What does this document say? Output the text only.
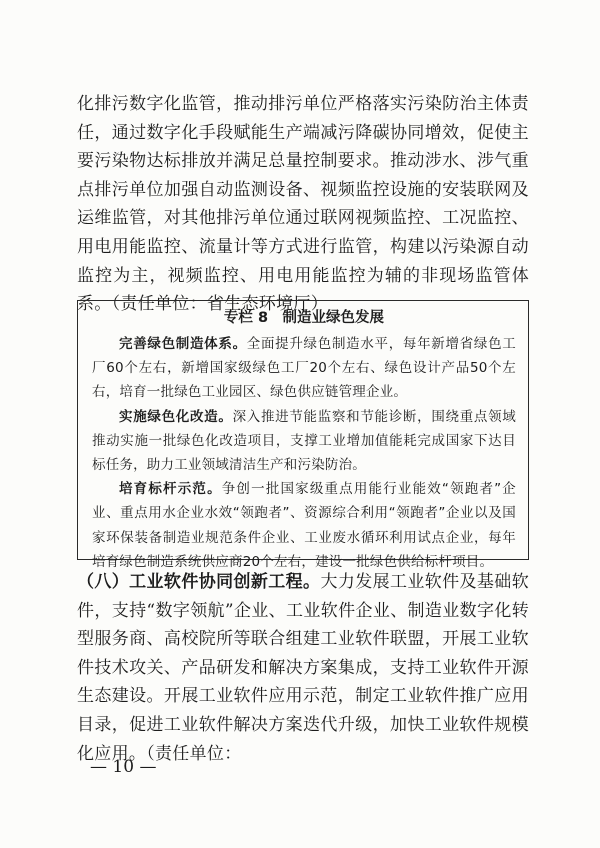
化排污数字化监管，推动排污单位严格落实污染防治主体责任，通过数字化手段赋能生产端减污降碳协同增效，促使主要污染物达标排放并满足总量控制要求。推动涉水、涉气重点排污单位加强自动监测设备、视频监控设施的安装联网及运维监管，对其他排污单位通过联网视频监控、工况监控、用电用能监控、流量计等方式进行监管，构建以污染源自动监控为主，视频监控、用电用能监控为辅的非现场监管体系。（责任单位：省生态环境厅）
专栏 8　制造业绿色发展

完善绿色制造体系。全面提升绿色制造水平，每年新增省绿色工厂60个左右，新增国家级绿色工厂20个左右、绿色设计产品50个左右，培育一批绿色工业园区、绿色供应链管理企业。

实施绿色化改造。深入推进节能监察和节能诊断，围绕重点领域推动实施一批绿色化改造项目，支撑工业增加值能耗完成国家下达目标任务，助力工业领域清洁生产和污染防治。

培育标杆示范。争创一批国家级重点用能行业能效“领跑者”企业、重点用水企业水效“领跑者”、资源综合利用“领跑者”企业以及国家环保装备制造业规范条件企业、工业废水循环利用试点企业，每年培育绿色制造系统供应商20个左右，建设一批绿色供给标杆项目。

（八）工业软件协同创新工程。大力发展工业软件及基础软件，支持“数字领航”企业、工业软件企业、制造业数字化转型服务商、高校院所等联合组建工业软件联盟，开展工业软件技术攻关、产品研发和解决方案集成，支持工业软件开源生态建设。开展工业软件应用示范，制定工业软件推广应用目录，促进工业软件解决方案迭代升级，加快工业软件规模化应用。（责任单位：
— 10 —
